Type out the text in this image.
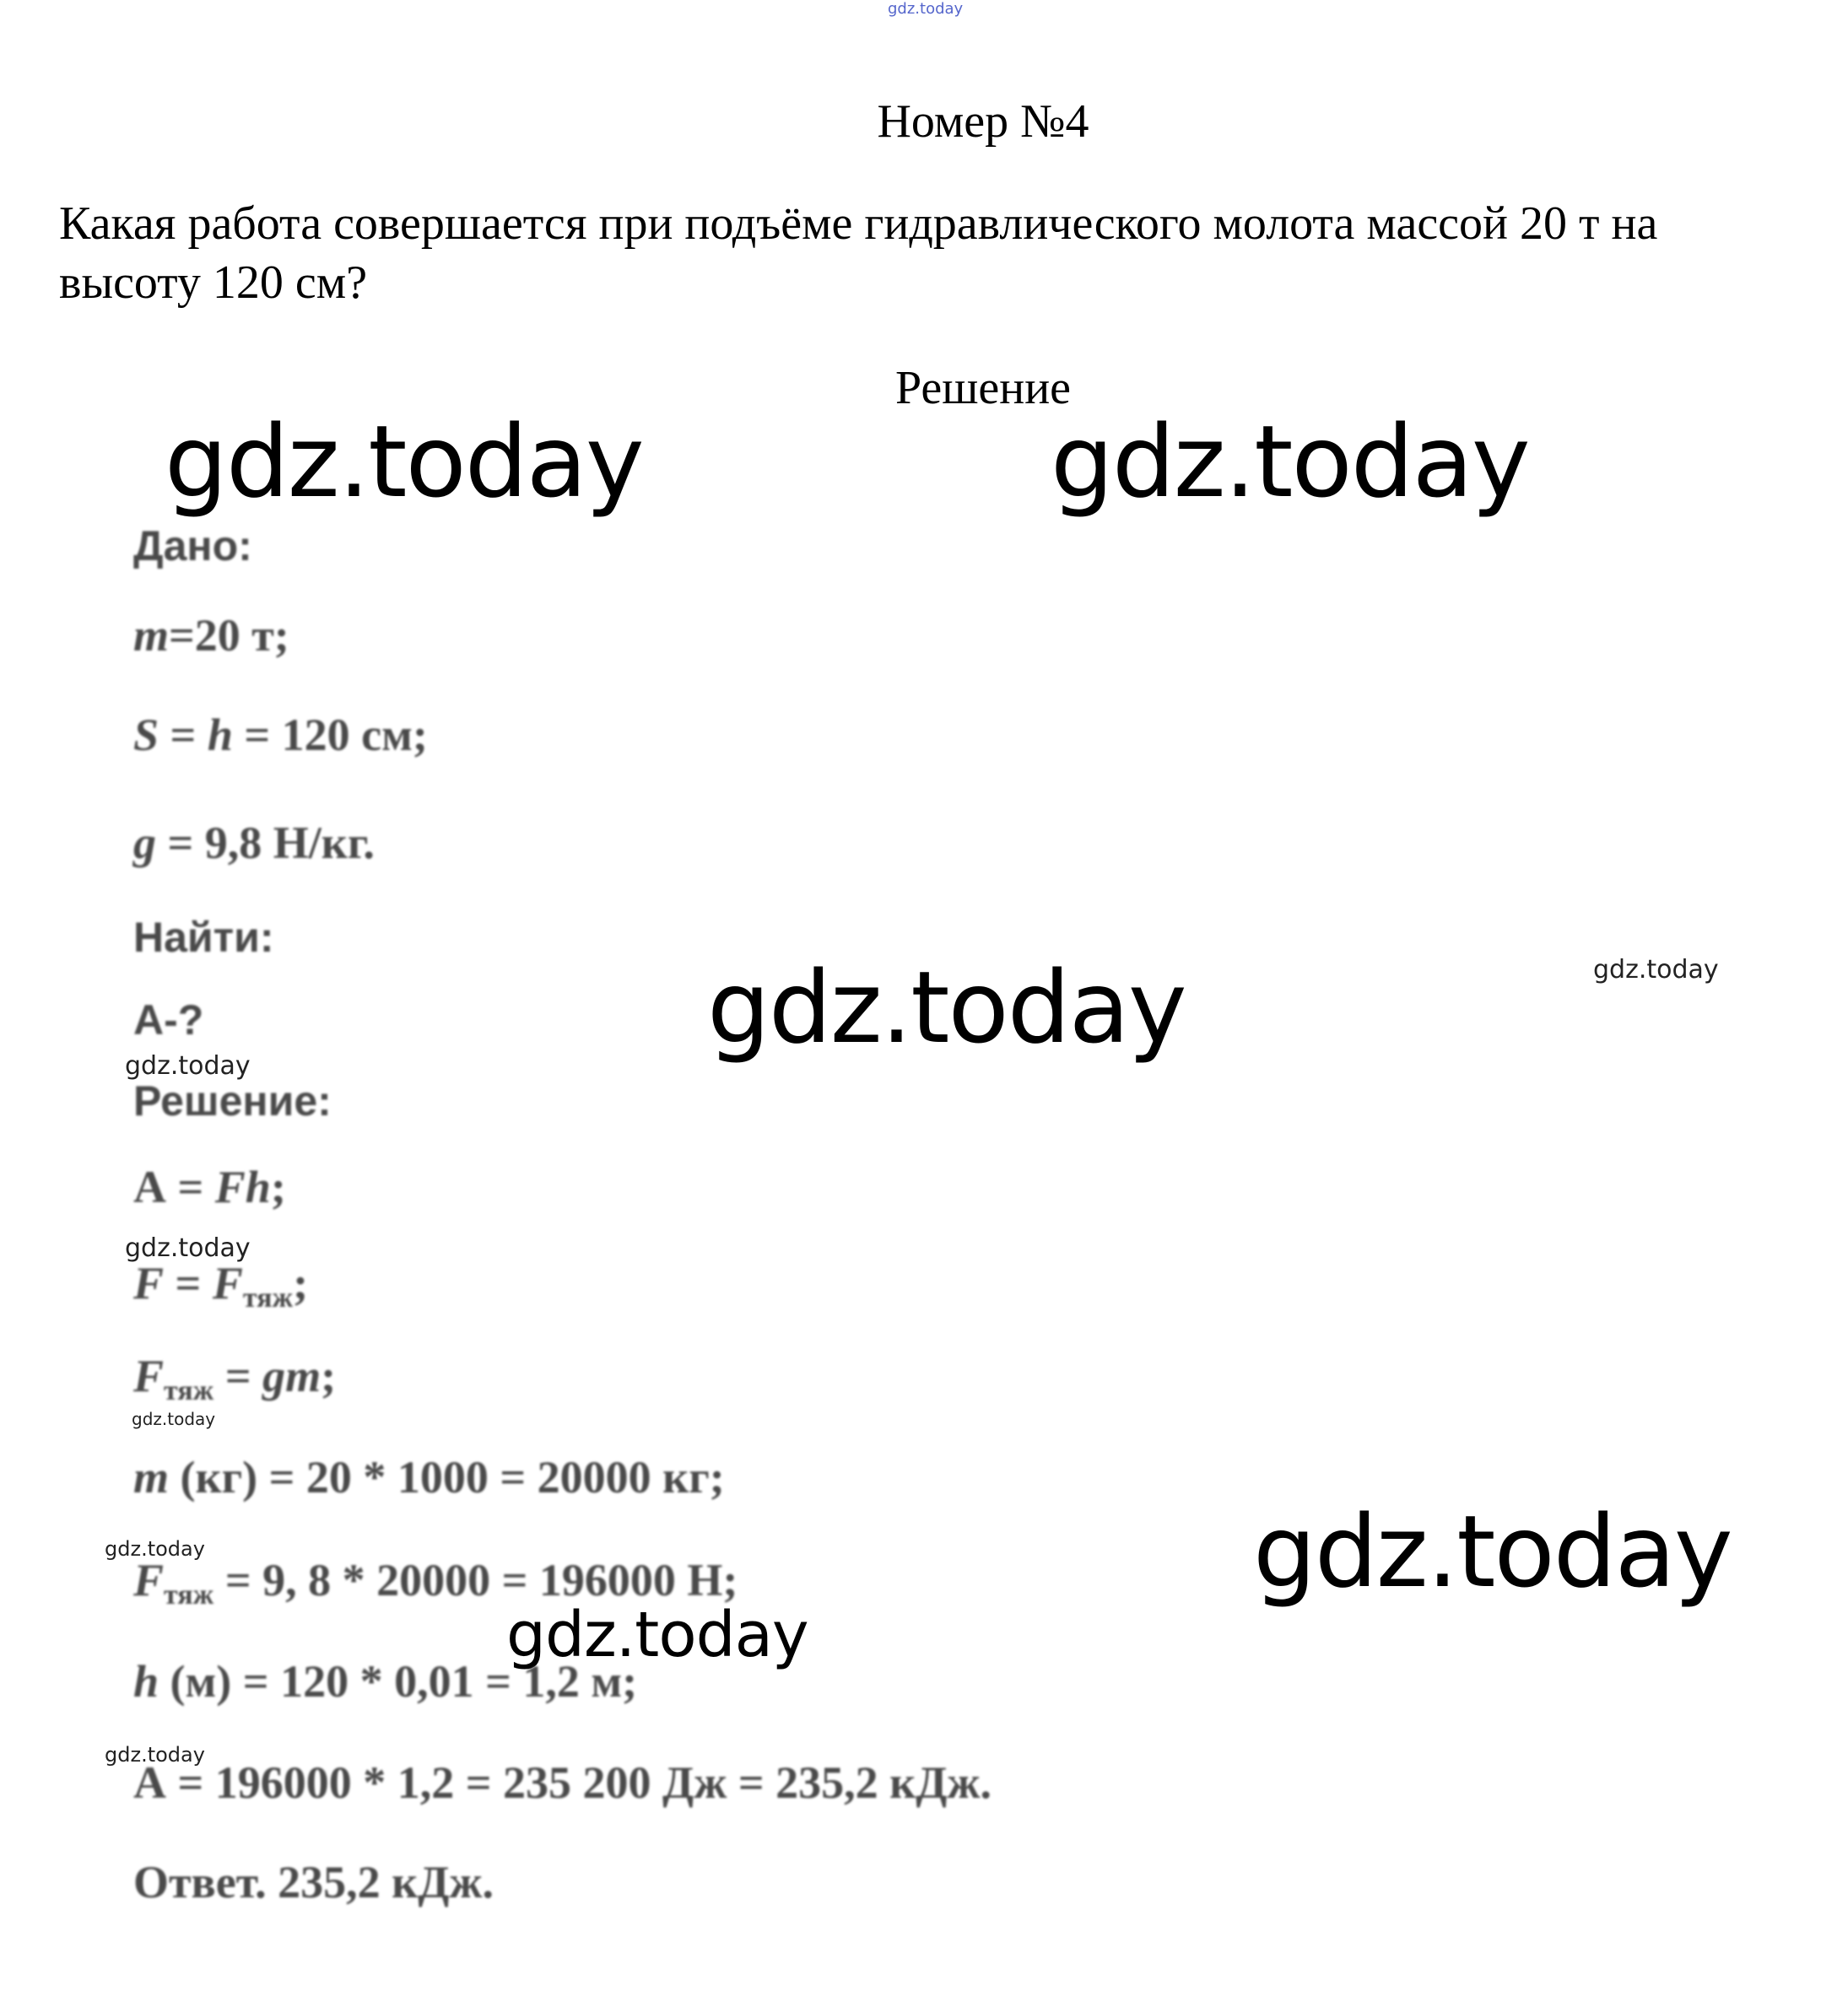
gdz.today
Номер №4
Какая работа совершается при подъёме гидравлического молота массой 20 т на высоту 120 см?
Решение
gdz.today	gdz.today
gdz.today
gdz.today
gdz.today
gdz.today
gdz.today
gdz.today
gdz.today
gdz.today
gdz.today
Дано:
m=20 т;
S = h = 120 см;
g = 9,8 Н/кг.
Найти:
А-?
Решение:
А = Fh;
$F = F_{тяж}$;
$F_{тяж}$ = gm;
m (кг) = 20 * 1000 = 20000 кг;
$F_{тяж} = 9$, 8 * 20000 = 196000 Н;
h (м) = 120 * 0,01 = 1,2 м;
А = 196000 * 1,2 = 235 200 Дж = 235,2 кДж.
Ответ. 235,2 кДж.
